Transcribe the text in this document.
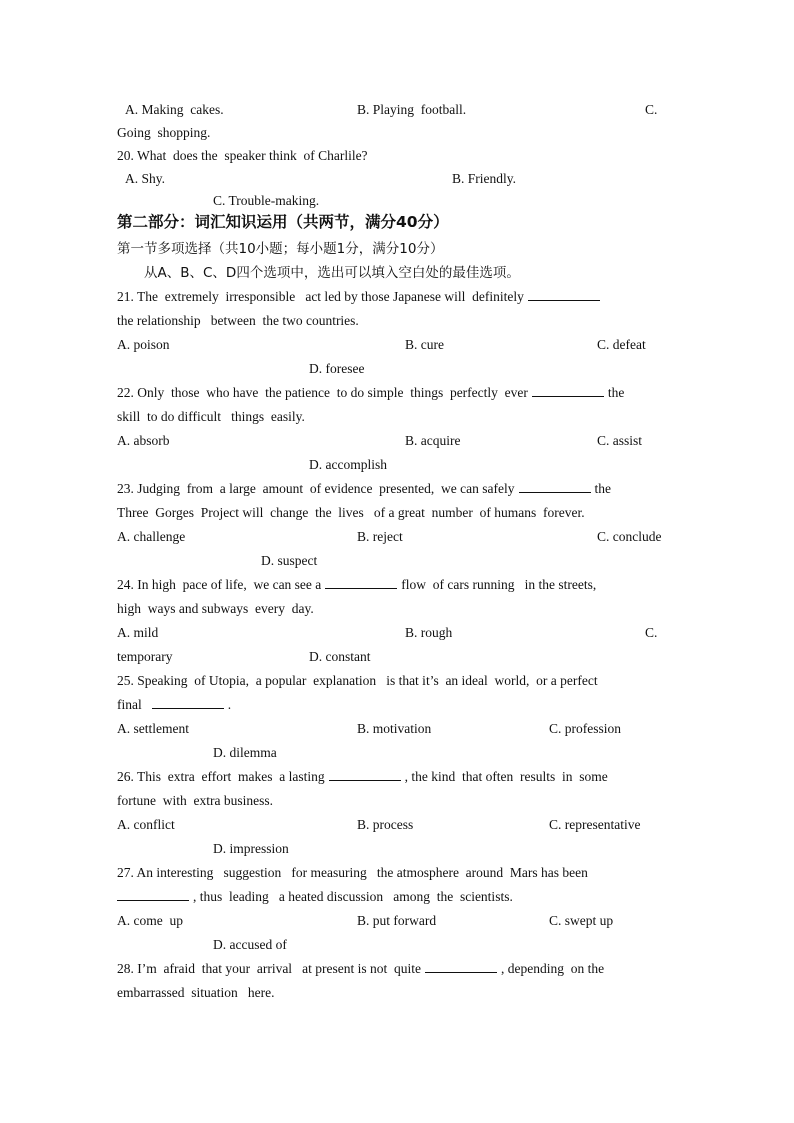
A. Making  cakes.	B. Playing  football.	C.
Going  shopping.
20. What  does the  speaker think  of Charlile?
A. Shy.	B. Friendly.
C. Trouble-making.
第二部分：词汇知识运用（共两节，满分40分）
第一节多项选择（共10小题；每小题1分，满分10分）
从A、B、C、D四个选项中，选出可以填入空白处的最佳选项。
21. The  extremely  irresponsible   act led by those Japanese will  definitely
the relationship   between  the two countries.
A. poison	B. cure	C. defeat
D. foresee
22. Only  those  who have  the patience  to do simple  things  perfectly  ever	the
skill  to do difficult   things  easily.
A. absorb	B. acquire	C. assist
D. accomplish
23. Judging  from  a large  amount  of evidence  presented,  we can safely	the
Three  Gorges  Project will  change  the  lives   of a great  number  of humans  forever.
A. challenge	B. reject	C. conclude
D. suspect
24. In high  pace of life,  we can see a	flow  of cars running   in the streets,
high  ways and subways  every  day.
A. mild	B. rough	C.
temporary	D. constant
25. Speaking  of Utopia,  a popular  explanation   is that it’s  an ideal  world,  or a perfect
final	.
A. settlement	B. motivation	C. profession
D. dilemma
26. This  extra  effort  makes  a lasting	, the kind  that often  results  in  some
fortune  with  extra business.
A. conflict	B. process	C. representative
D. impression
27. An interesting   suggestion   for measuring   the atmosphere  around  Mars has been
, thus  leading   a heated discussion   among  the  scientists.
A. come  up	B. put forward	C. swept up
D. accused of
28. I’m  afraid  that your  arrival   at present is not  quite	, depending  on the
embarrassed  situation   here.
